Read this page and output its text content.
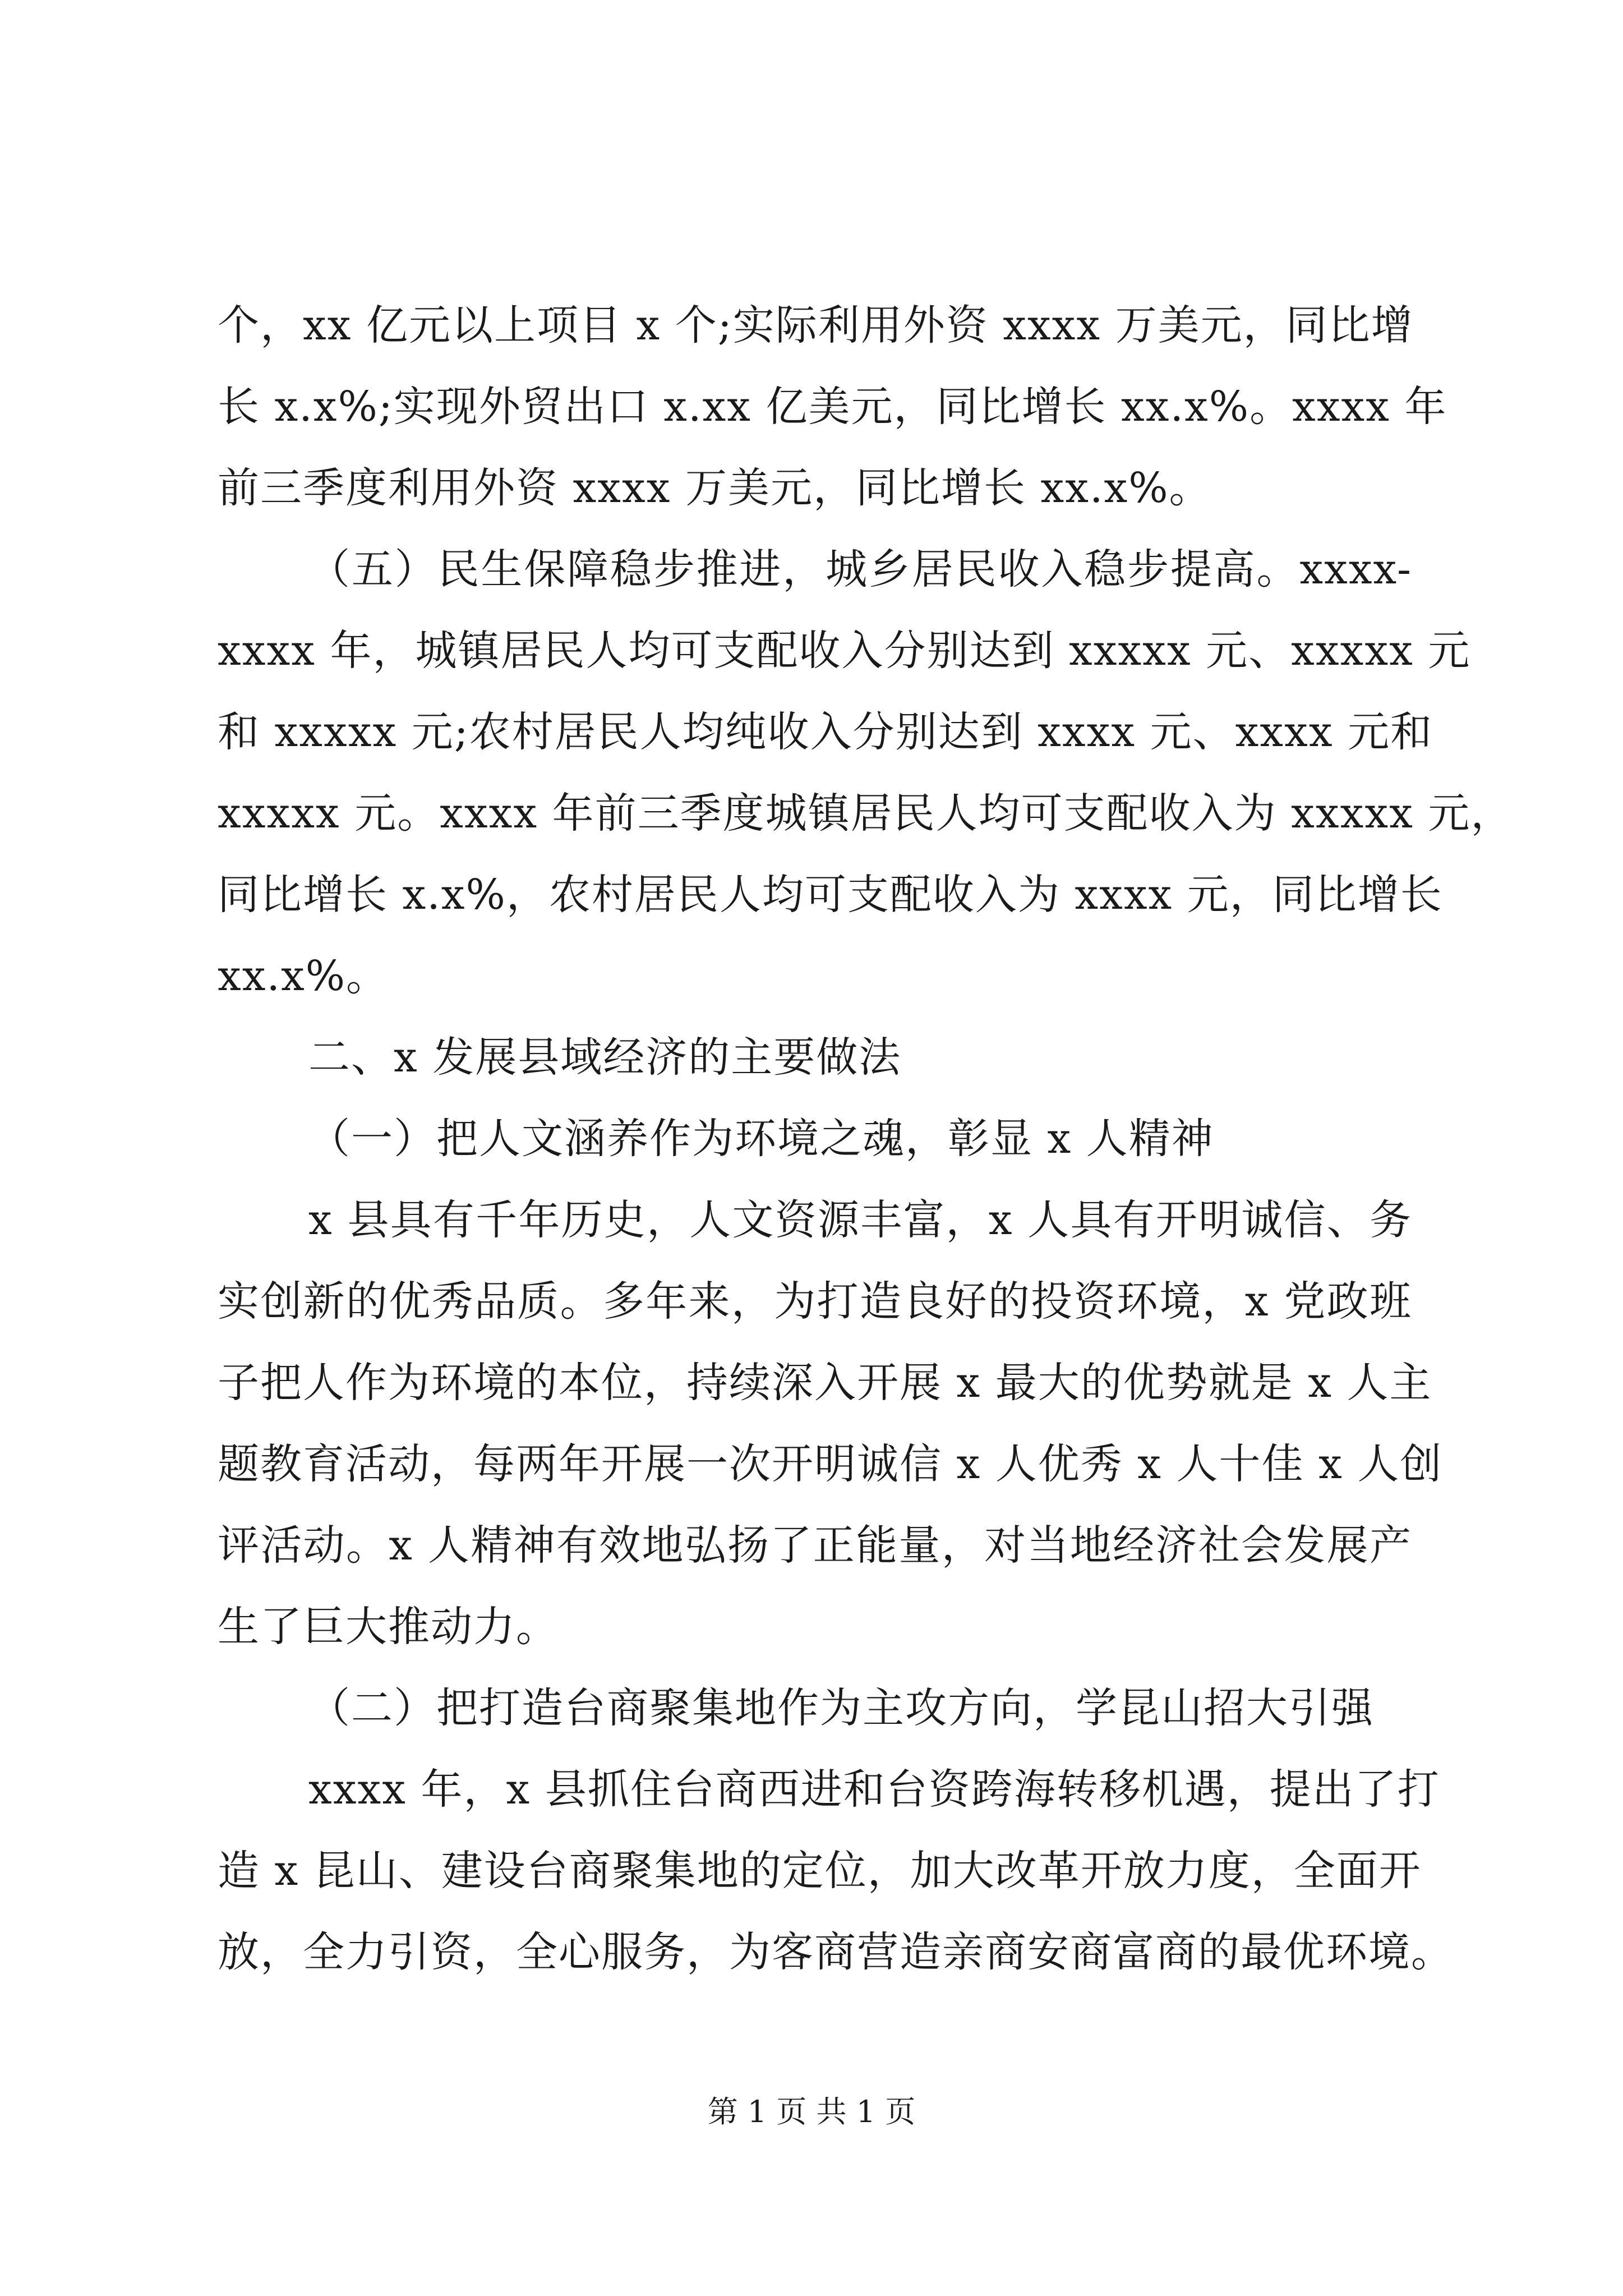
个，xx 亿元以上项目 x 个;实际利用外资 xxxx 万美元，同比增
长 x.x%;实现外贸出口 x.xx 亿美元，同比增长 xx.x%。xxxx 年
前三季度利用外资 xxxx 万美元，同比增长 xx.x%。
（五）民生保障稳步推进，城乡居民收入稳步提高。xxxx-
xxxx 年，城镇居民人均可支配收入分别达到 xxxxx 元、xxxxx 元
和 xxxxx 元;农村居民人均纯收入分别达到 xxxx 元、xxxx 元和
xxxxx 元。xxxx 年前三季度城镇居民人均可支配收入为 xxxxx 元，
同比增长 x.x%，农村居民人均可支配收入为 xxxx 元，同比增长
xx.x%。
二、x 发展县域经济的主要做法
（一）把人文涵养作为环境之魂，彰显 x 人精神
x 县具有千年历史，人文资源丰富，x 人具有开明诚信、务
实创新的优秀品质。多年来，为打造良好的投资环境，x 党政班
子把人作为环境的本位，持续深入开展 x 最大的优势就是 x 人主
题教育活动，每两年开展一次开明诚信 x 人优秀 x 人十佳 x 人创
评活动。x 人精神有效地弘扬了正能量，对当地经济社会发展产
生了巨大推动力。
（二）把打造台商聚集地作为主攻方向，学昆山招大引强
xxxx 年，x 县抓住台商西进和台资跨海转移机遇，提出了打
造 x 昆山、建设台商聚集地的定位，加大改革开放力度，全面开
放，全力引资，全心服务，为客商营造亲商安商富商的最优环境。
第 1 页 共 1 页
